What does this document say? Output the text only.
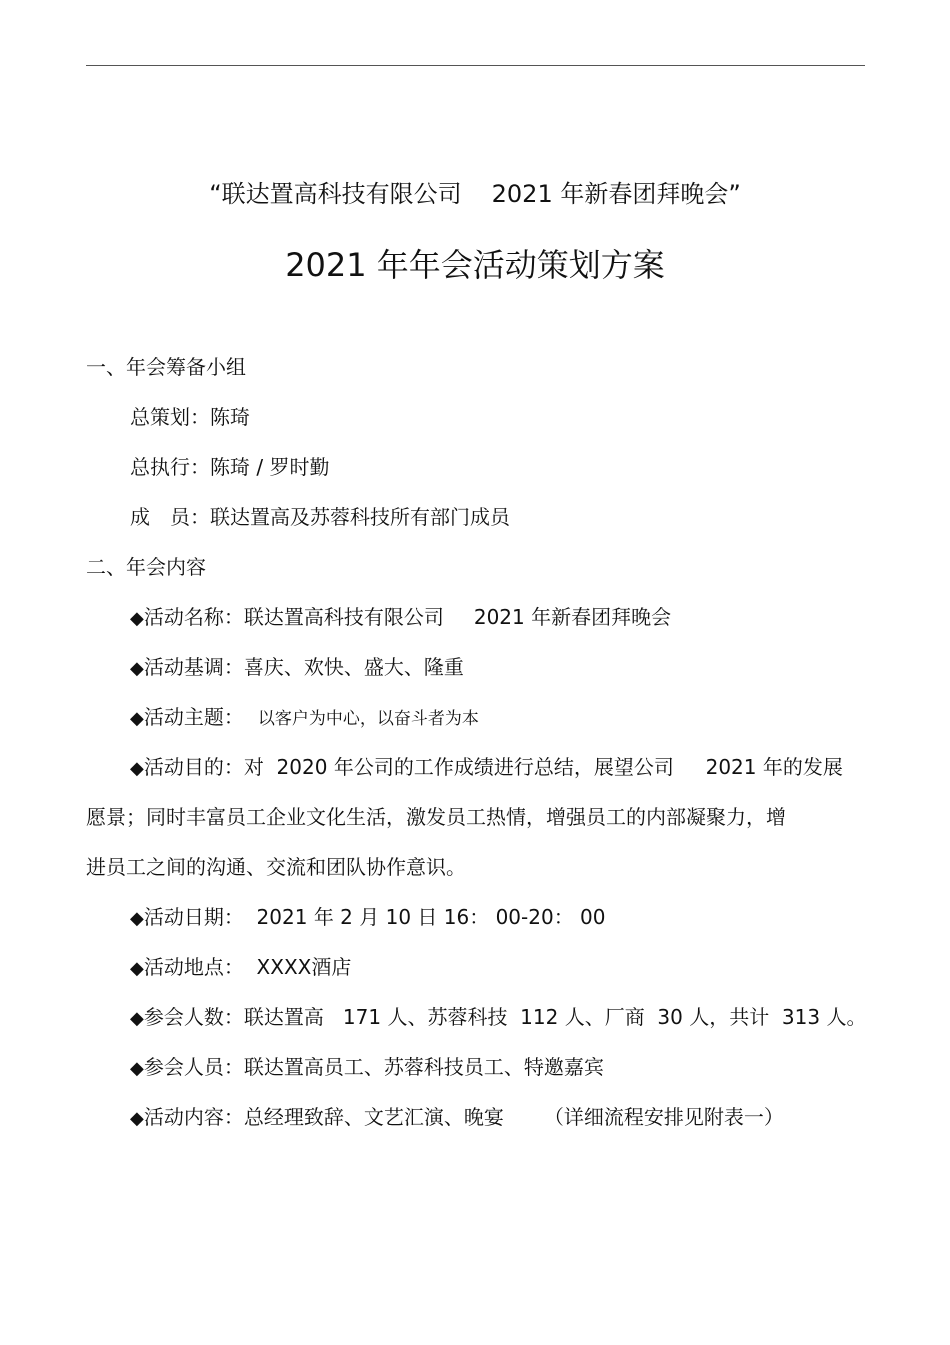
“联达置高科技有限公司 2021 年新春团拜晚会”
2021 年年会活动策划方案
一、年会筹备小组
总策划：陈琦
总执行：陈琦 / 罗时勤
成　员：联达置高及苏蓉科技所有部门成员
二、年会内容
◆活动名称：联达置高科技有限公司 2021 年新春团拜晚会
◆活动基调：喜庆、欢快、盛大、隆重
◆活动主题： 以客户为中心，以奋斗者为本
◆活动目的：对  2020 年公司的工作成绩进行总结，展望公司     2021 年的发展
愿景；同时丰富员工企业文化生活，激发员工热情，增强员工的内部凝聚力，增
进员工之间的沟通、交流和团队协作意识。
◆活动日期：  2021 年 2 月 10 日 16： 00-20： 00
◆活动地点：  XXXX酒店
◆参会人数：联达置高   171 人、苏蓉科技  112 人、厂商  30 人，共计  313 人。
◆参会人员：联达置高员工、苏蓉科技员工、特邀嘉宾
◆活动内容：总经理致辞、文艺汇演、晚宴 （详细流程安排见附表一）
